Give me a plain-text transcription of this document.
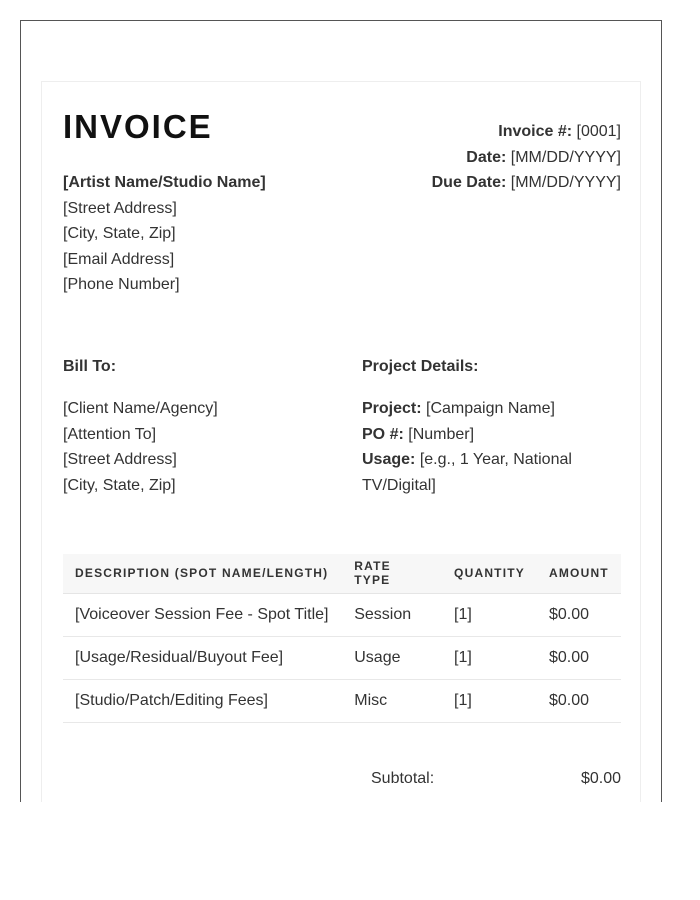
INVOICE	Invoice #: [0001]
Date: [MM/DD/YYYY]
Due Date: [MM/DD/YYYY]
[Artist Name/Studio Name]
[Street Address]
[City, State, Zip]
[Email Address]
[Phone Number]
Bill To:
[Client Name/Agency]
[Attention To]
[Street Address]
[City, State, Zip]
Project Details:
Project: [Campaign Name]
PO #: [Number]
Usage: [e.g., 1 Year, National TV/Digital]
DESCRIPTION (SPOT NAME/LENGTH)	RATE TYPE	QUANTITY	AMOUNT
[Voiceover Session Fee - Spot Title]	Session	[1]	$0.00
[Usage/Residual/Buyout Fee]	Usage	[1]	$0.00
[Studio/Patch/Editing Fees]	Misc	[1]	$0.00
Subtotal:	$0.00
